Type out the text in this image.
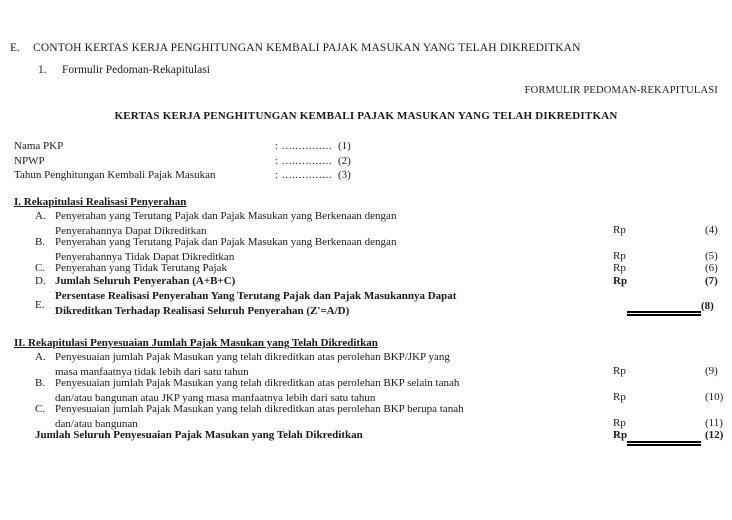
E.	CONTOH KERTAS KERJA PENGHITUNGAN KEMBALI PAJAK MASUKAN YANG TELAH DIKREDITKAN
1.	Formulir Pedoman-Rekapitulasi
FORMULIR PEDOMAN-REKAPITULASI
KERTAS KERJA PENGHITUNGAN KEMBALI PAJAK MASUKAN YANG TELAH DIKREDITKAN
Nama PKP	: ............... (1)
NPWP	: ............... (2)
Tahun Penghitungan Kembali Pajak Masukan	: ............... (3)
I. Rekapitulasi Realisasi Penyerahan
A. Penyerahan yang Terutang Pajak dan Pajak Masukan yang Berkenaan dengan
Penyerahannya Dapat Dikreditkan	Rp	(4)
B. Penyerahan yang Terutang Pajak dan Pajak Masukan yang Berkenaan dengan
Penyerahannya Tidak Dapat Dikreditkan	Rp	(5)
C. Penyerahan yang Tidak Terutang Pajak	Rp	(6)
D. Jumlah Seluruh Penyerahan (A+B+C)	Rp	(7)
E.
Persentase Realisasi Penyerahan Yang Terutang Pajak dan Pajak Masukannya Dapat
Dikreditkan Terhadap Realisasi Seluruh Penyerahan (Z'=A/D)	(8)
II. Rekapitulasi Penyesuaian Jumlah Pajak Masukan yang Telah Dikreditkan
A. Penyesuaian jumlah Pajak Masukan yang telah dikreditkan atas perolehan BKP/JKP yang
masa manfaatnya tidak lebih dari satu tahun	Rp	(9)
B. Penyesuaian jumlah Pajak Masukan yang telah dikreditkan atas perolehan BKP selain tanah
dan/atau bangunan atau JKP yang masa manfaatnya lebih dari satu tahun	Rp	(10)
C. Penyesuaian jumlah Pajak Masukan yang telah dikreditkan atas perolehan BKP berupa tanah
dan/atau bangunan	Rp	(11)
Jumlah Seluruh Penyesuaian Pajak Masukan yang Telah Dikreditkan	Rp	(12)
